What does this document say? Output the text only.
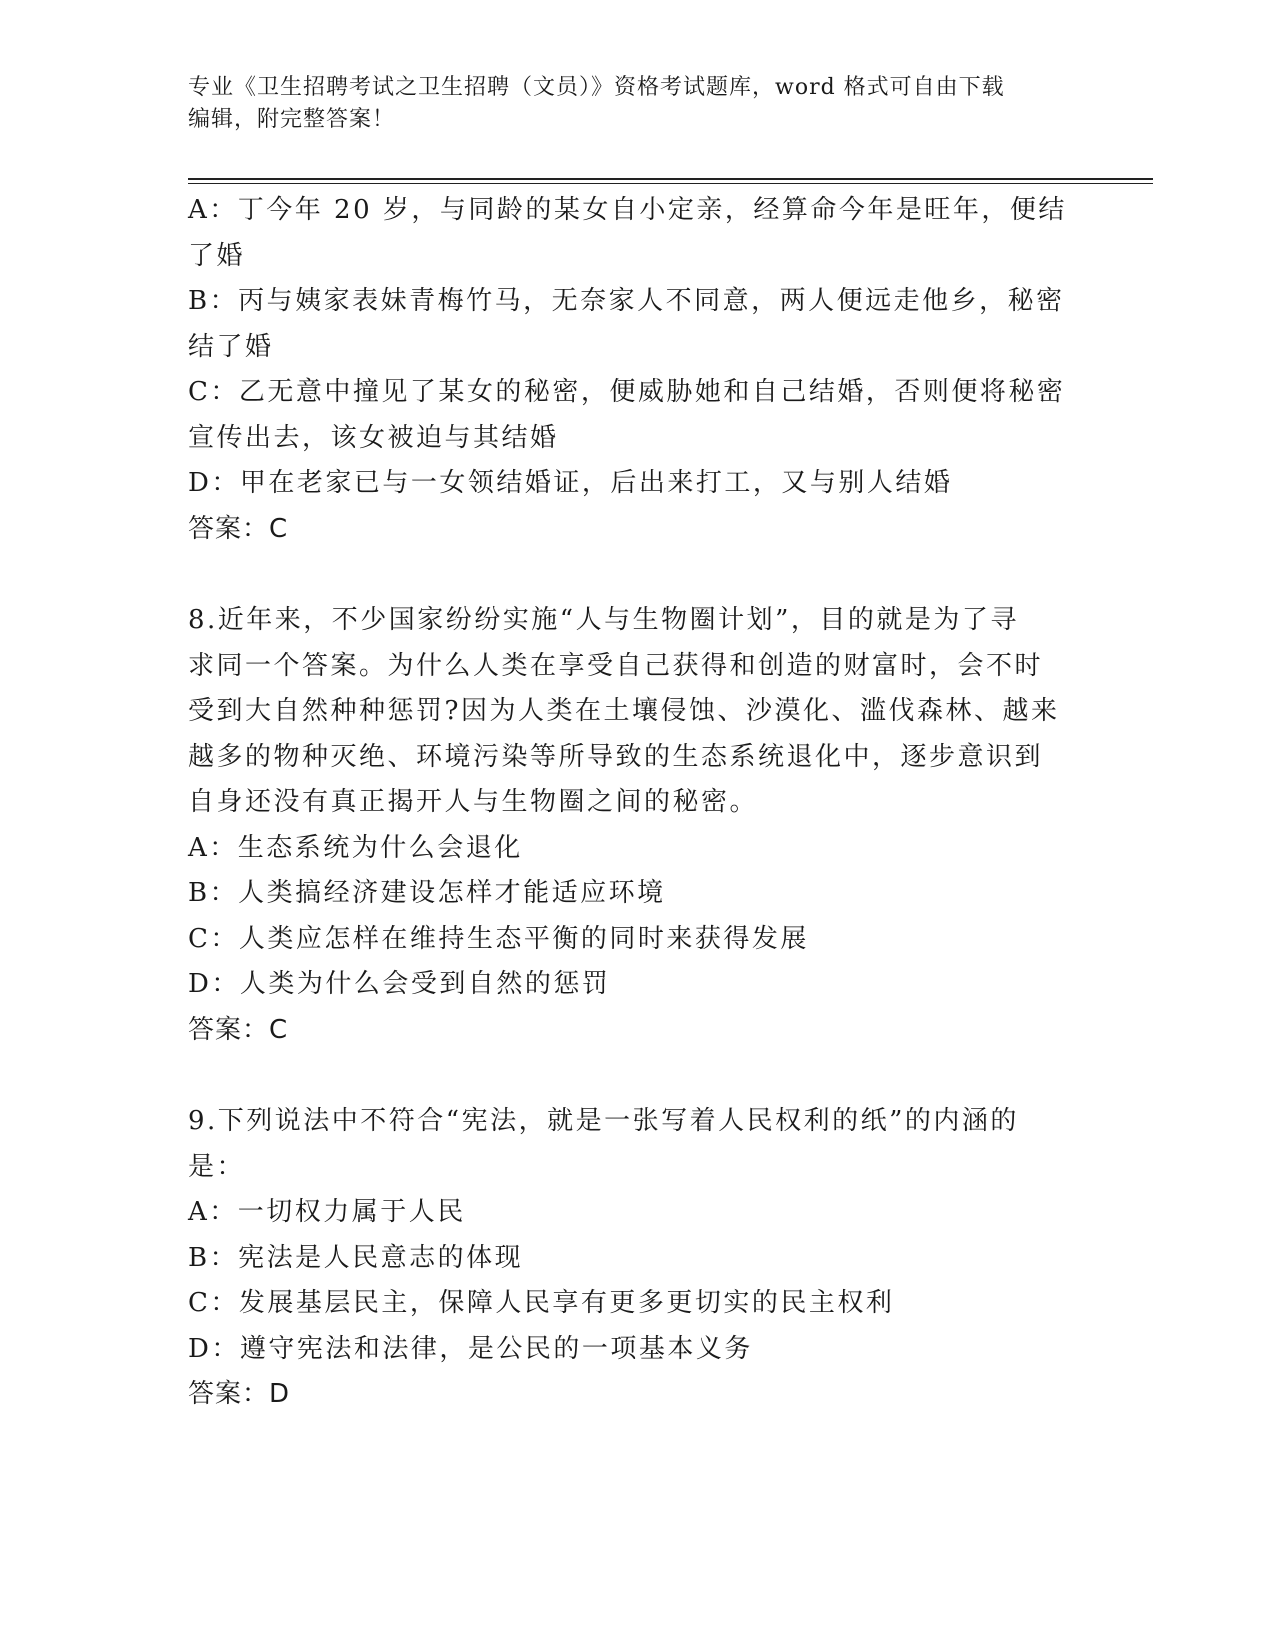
专业《卫生招聘考试之卫生招聘（文员）》资格考试题库，word 格式可自由下载
编辑，附完整答案！

A：丁今年 20 岁，与同龄的某女自小定亲，经算命今年是旺年，便结

了婚

B：丙与姨家表妹青梅竹马，无奈家人不同意，两人便远走他乡，秘密

结了婚

C：乙无意中撞见了某女的秘密，便威胁她和自己结婚，否则便将秘密

宣传出去，该女被迫与其结婚

D：甲在老家已与一女领结婚证，后出来打工，又与别人结婚

答案：C

8.近年来，不少国家纷纷实施“人与生物圈计划”，目的就是为了寻

求同一个答案。为什么人类在享受自己获得和创造的财富时，会不时

受到大自然种种惩罚?因为人类在土壤侵蚀、沙漠化、滥伐森林、越来

越多的物种灭绝、环境污染等所导致的生态系统退化中，逐步意识到

自身还没有真正揭开人与生物圈之间的秘密。

A：生态系统为什么会退化

B：人类搞经济建设怎样才能适应环境

C：人类应怎样在维持生态平衡的同时来获得发展

D：人类为什么会受到自然的惩罚

答案：C

9.下列说法中不符合“宪法，就是一张写着人民权利的纸”的内涵的

是：

A：一切权力属于人民

B：宪法是人民意志的体现

C：发展基层民主，保障人民享有更多更切实的民主权利

D：遵守宪法和法律，是公民的一项基本义务

答案：D
